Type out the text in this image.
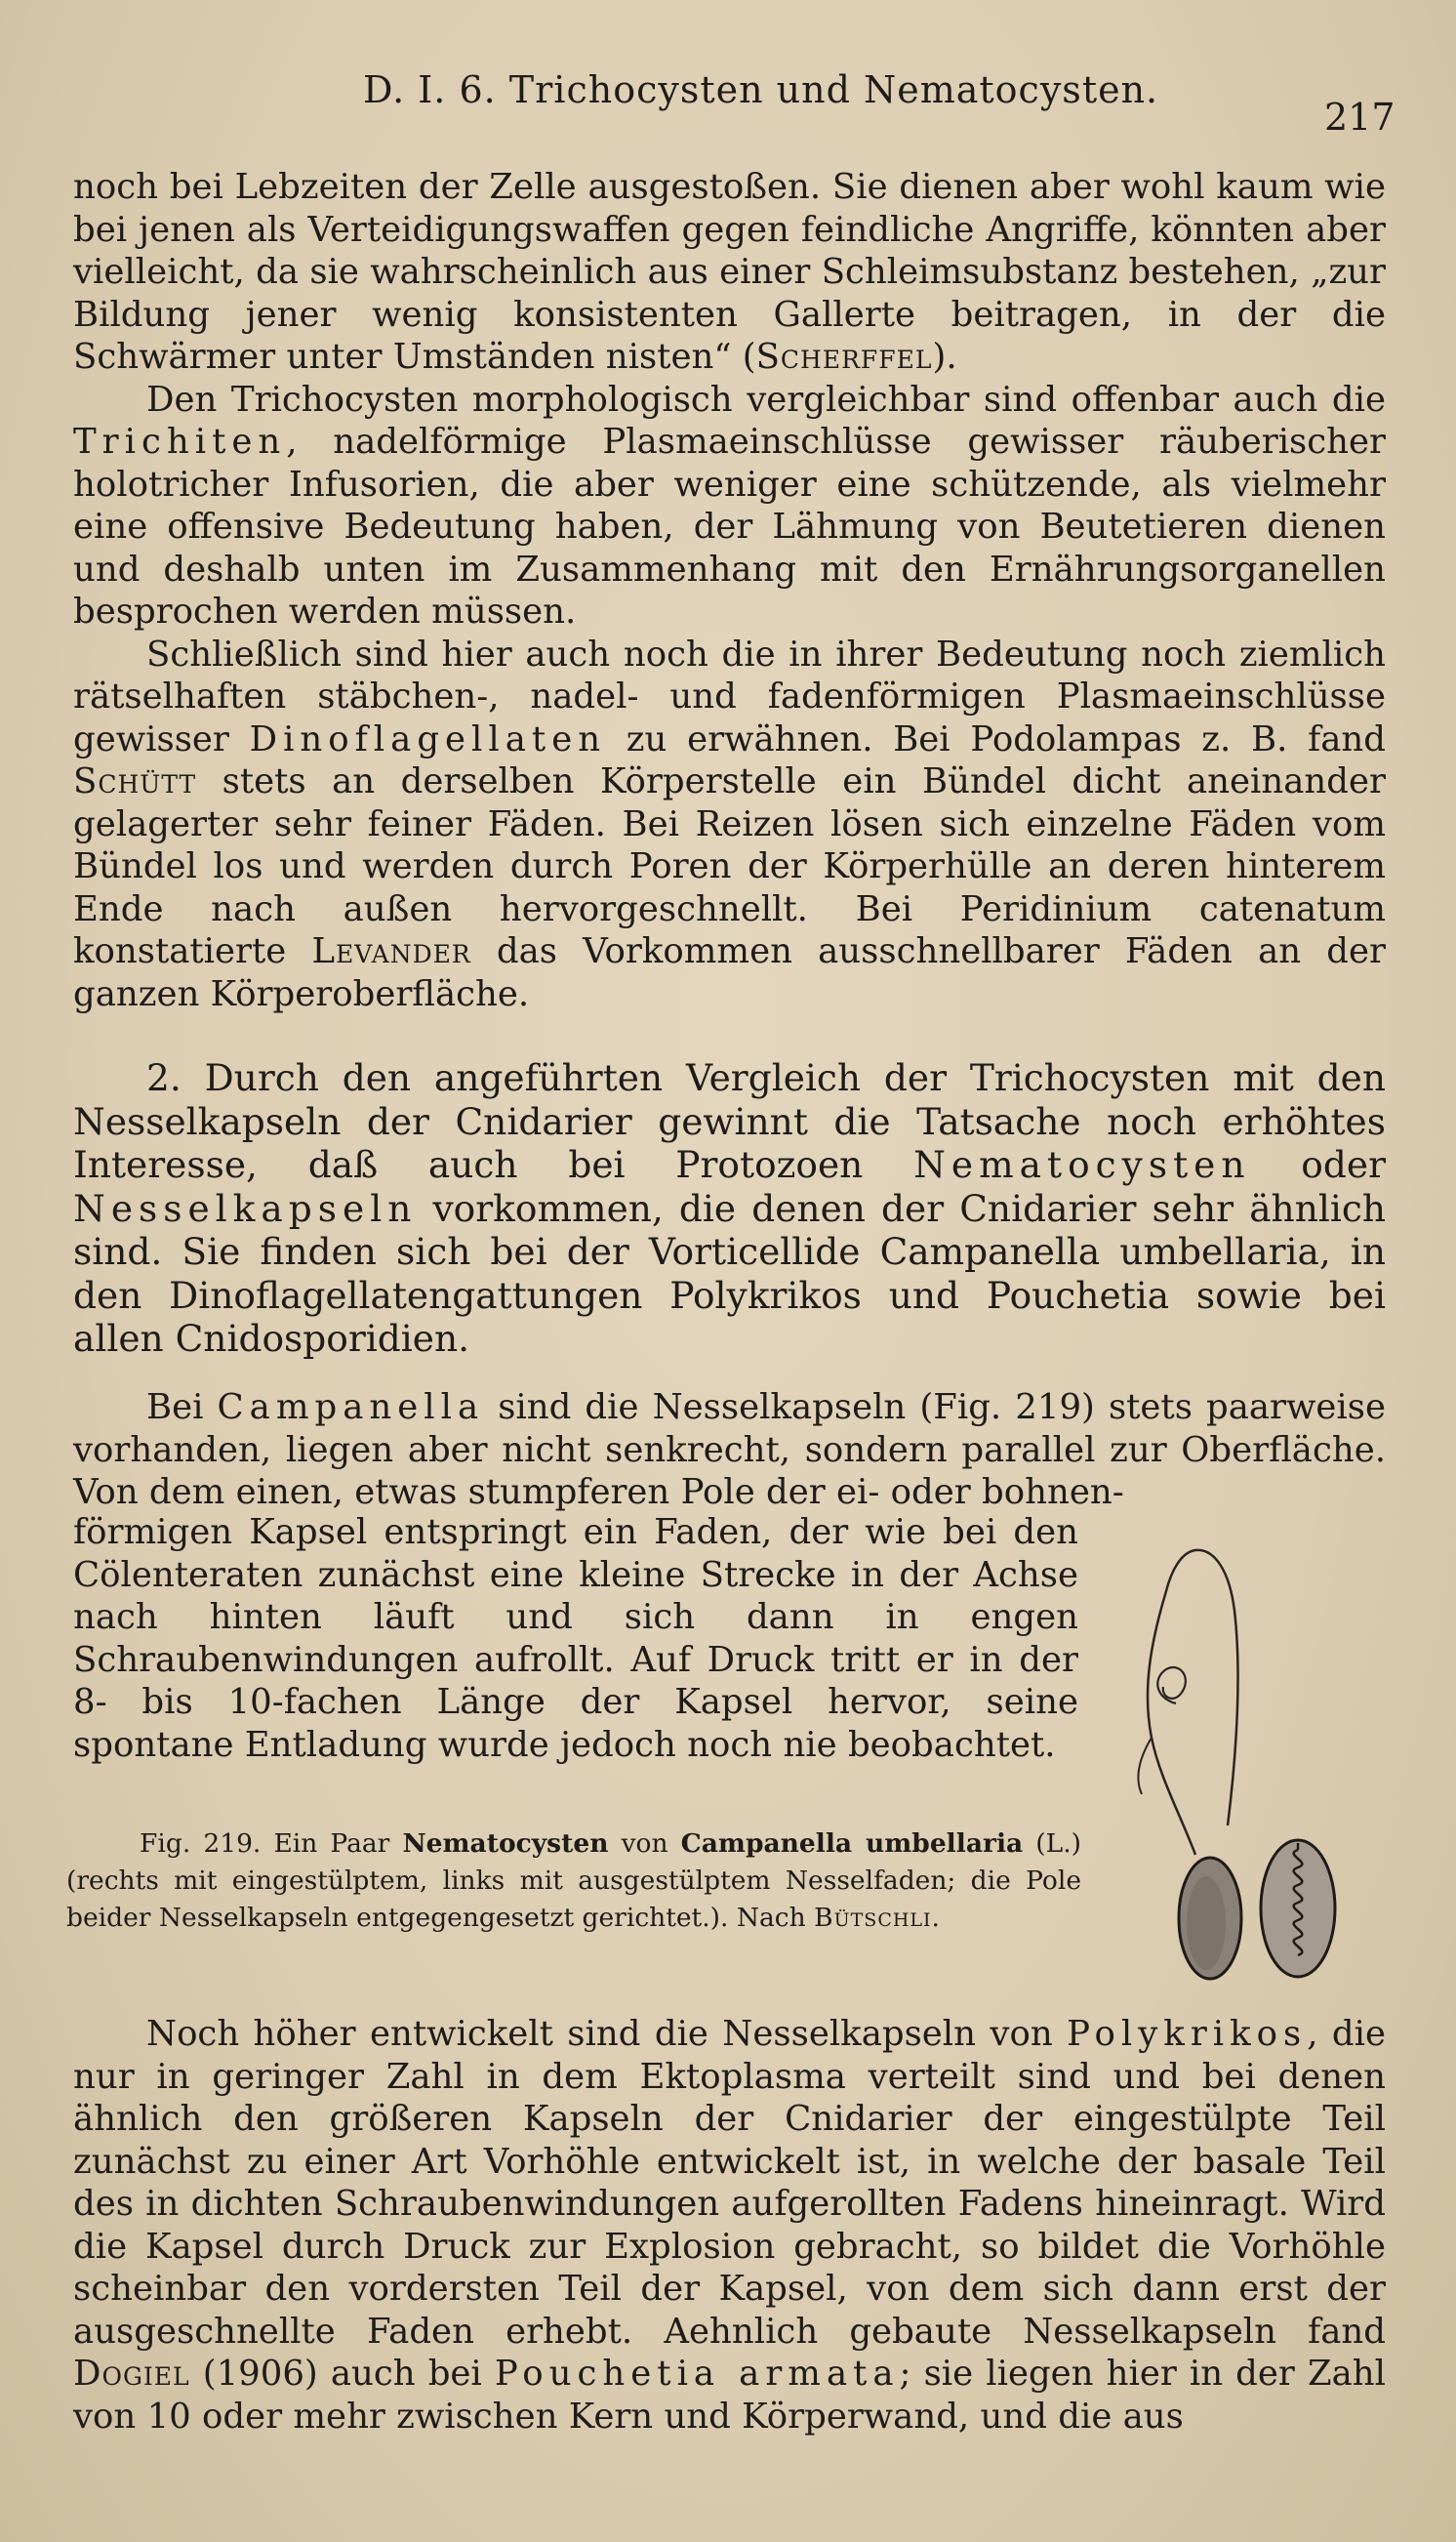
D. I. 6. Trichocysten und Nematocysten.
217

noch bei Lebzeiten der Zelle ausgestoßen. Sie dienen aber wohl kaum wie bei jenen als Verteidigungswaffen gegen feindliche Angriffe, könnten aber vielleicht, da sie wahrscheinlich aus einer Schleimsubstanz bestehen, „zur Bildung jener wenig konsistenten Gallerte beitragen, in der die Schwärmer unter Umständen nisten“ (Scherffel).

Den Trichocysten morphologisch vergleichbar sind offenbar auch die Trichiten, nadelförmige Plasmaeinschlüsse gewisser räuberischer holotricher Infusorien, die aber weniger eine schützende, als vielmehr eine offensive Bedeutung haben, der Lähmung von Beutetieren dienen und deshalb unten im Zusammenhang mit den Ernährungsorganellen besprochen werden müssen.

Schließlich sind hier auch noch die in ihrer Bedeutung noch ziemlich rätselhaften stäbchen-, nadel- und fadenförmigen Plasmaeinschlüsse gewisser Dinoflagellaten zu erwähnen. Bei Podolampas z. B. fand Schütt stets an derselben Körperstelle ein Bündel dicht aneinander gelagerter sehr feiner Fäden. Bei Reizen lösen sich einzelne Fäden vom Bündel los und werden durch Poren der Körperhülle an deren hinterem Ende nach außen hervorgeschnellt. Bei Peridinium catenatum konstatierte Levander das Vorkommen ausschnellbarer Fäden an der ganzen Körperoberfläche.

2. Durch den angeführten Vergleich der Trichocysten mit den Nesselkapseln der Cnidarier gewinnt die Tatsache noch erhöhtes Interesse, daß auch bei Protozoen Nematocysten oder Nesselkapseln vorkommen, die denen der Cnidarier sehr ähnlich sind. Sie finden sich bei der Vorticellide Campanella umbellaria, in den Dinoflagellatengattungen Polykrikos und Pouchetia sowie bei allen Cnidosporidien.

Bei Campanella sind die Nesselkapseln (Fig. 219) stets paarweise vorhanden, liegen aber nicht senkrecht, sondern parallel zur Oberfläche. Von dem einen, etwas stumpferen Pole der ei- oder bohnen-

förmigen Kapsel entspringt ein Faden, der wie bei den Cölenteraten zunächst eine kleine Strecke in der Achse nach hinten läuft und sich dann in engen Schraubenwindungen aufrollt. Auf Druck tritt er in der 8- bis 10-fachen Länge der Kapsel hervor, seine spontane Entladung wurde jedoch noch nie beobachtet.

Fig. 219. Ein Paar Nematocysten von Campanella umbellaria (L.) (rechts mit eingestülptem, links mit ausgestülptem Nesselfaden; die Pole beider Nesselkapseln entgegengesetzt gerichtet.). Nach Bütschli.

Noch höher entwickelt sind die Nesselkapseln von Polykrikos, die nur in geringer Zahl in dem Ektoplasma verteilt sind und bei denen ähnlich den größeren Kapseln der Cnidarier der eingestülpte Teil zunächst zu einer Art Vorhöhle entwickelt ist, in welche der basale Teil des in dichten Schraubenwindungen aufgerollten Fadens hineinragt. Wird die Kapsel durch Druck zur Explosion gebracht, so bildet die Vorhöhle scheinbar den vordersten Teil der Kapsel, von dem sich dann erst der ausgeschnellte Faden erhebt. Aehnlich gebaute Nesselkapseln fand Dogiel (1906) auch bei Pouchetia armata; sie liegen hier in der Zahl von 10 oder mehr zwischen Kern und Körperwand, und die aus
